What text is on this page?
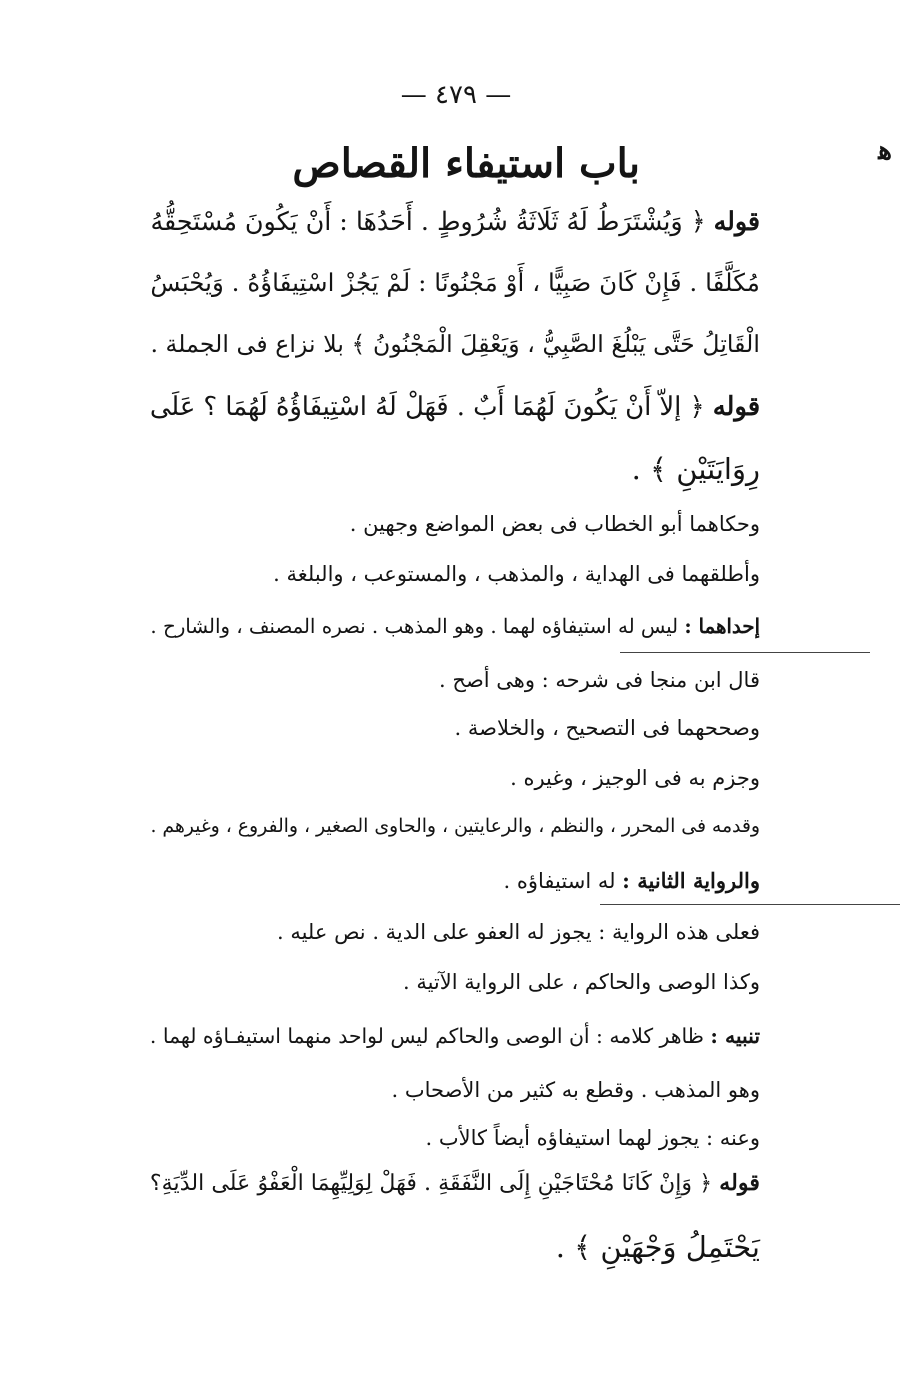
— ٤٧٩ —
ﻫ
باب استيفاء القصاص
قوله ﴿ وَيُشْتَرَطُ لَهُ ثَلَاثَةُ شُرُوطٍ . أَحَدُهَا : أَنْ يَكُونَ مُسْتَحِقُّهُ
مُكَلَّفًا . فَإِنْ كَانَ صَبِيًّا ، أَوْ مَجْنُونًا : لَمْ يَجُزْ اسْتِيفَاؤُهُ . وَيُحْبَسُ
الْقَاتِلُ حَتَّى يَبْلُغَ الصَّبِيُّ ، وَيَعْقِلَ الْمَجْنُونُ ﴾ بلا نزاع فى الجملة .
قوله ﴿ إلاّ أَنْ يَكُونَ لَهُمَا أَبٌ . فَهَلْ لَهُ اسْتِيفَاؤُهُ لَهُمَا ؟ عَلَى
رِوَايَتَيْنِ ﴾ .
وحكاهما أبو الخطاب فى بعض المواضع وجهين .
وأطلقهما فى الهداية ، والمذهب ، والمستوعب ، والبلغة .
إحداهما : ليس له استيفاؤه لهما . وهو المذهب . نصره المصنف ، والشارح .
قال ابن منجا فى شرحه : وهى أصح .
وصححهما فى التصحيح ، والخلاصة .
وجزم به فى الوجيز ، وغيره .
وقدمه فى المحرر ، والنظم ، والرعايتين ، والحاوى الصغير ، والفروع ، وغيرهم .
والرواية الثانية : له استيفاؤه .
فعلى هذه الرواية : يجوز له العفو على الدية . نص عليه .
وكذا الوصى والحاكم ، على الرواية الآتية .
تنبيه : ظاهر كلامه : أن الوصى والحاكم ليس لواحد منهما استيفـاؤه لهما .
وهو المذهب . وقطع به كثير من الأصحاب .
وعنه : يجوز لهما استيفاؤه أيضاً كالأب .
قوله ﴿ وَإِنْ كَانَا مُحْتَاجَيْنِ إِلَى النَّفَقَةِ . فَهَلْ لِوَلِيِّهِمَا الْعَفْوُ عَلَى الدِّيَةِ؟
يَحْتَمِلُ وَجْهَيْنِ ﴾ .
